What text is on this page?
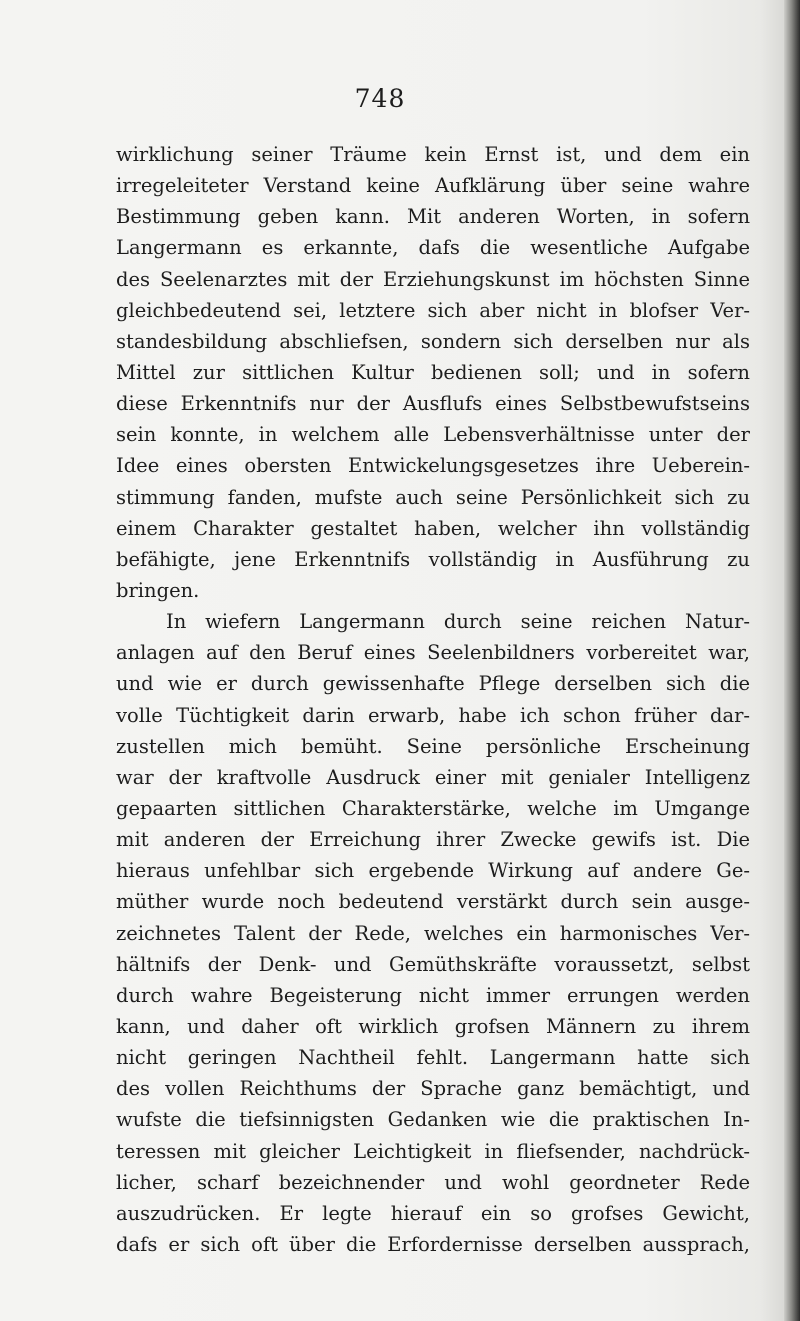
748
wirklichung seiner Träume kein Ernst ist, und dem ein
irregeleiteter Verstand keine Aufklärung über seine wahre
Bestimmung geben kann. Mit anderen Worten, in sofern
Langermann es erkannte, dafs die wesentliche Aufgabe
des Seelenarztes mit der Erziehungskunst im höchsten Sinne
gleichbedeutend sei, letztere sich aber nicht in blofser Ver-
standesbildung abschliefsen, sondern sich derselben nur als
Mittel zur sittlichen Kultur bedienen soll; und in sofern
diese Erkenntnifs nur der Ausflufs eines Selbstbewufstseins
sein konnte, in welchem alle Lebensverhältnisse unter der
Idee eines obersten Entwickelungsgesetzes ihre Ueberein-
stimmung fanden, mufste auch seine Persönlichkeit sich zu
einem Charakter gestaltet haben, welcher ihn vollständig
befähigte, jene Erkenntnifs vollständig in Ausführung zu
bringen.
In wiefern Langermann durch seine reichen Natur-
anlagen auf den Beruf eines Seelenbildners vorbereitet war,
und wie er durch gewissenhafte Pflege derselben sich die
volle Tüchtigkeit darin erwarb, habe ich schon früher dar-
zustellen mich bemüht. Seine persönliche Erscheinung
war der kraftvolle Ausdruck einer mit genialer Intelligenz
gepaarten sittlichen Charakterstärke, welche im Umgange
mit anderen der Erreichung ihrer Zwecke gewifs ist. Die
hieraus unfehlbar sich ergebende Wirkung auf andere Ge-
müther wurde noch bedeutend verstärkt durch sein ausge-
zeichnetes Talent der Rede, welches ein harmonisches Ver-
hältnifs der Denk- und Gemüthskräfte voraussetzt, selbst
durch wahre Begeisterung nicht immer errungen werden
kann, und daher oft wirklich grofsen Männern zu ihrem
nicht geringen Nachtheil fehlt. Langermann hatte sich
des vollen Reichthums der Sprache ganz bemächtigt, und
wufste die tiefsinnigsten Gedanken wie die praktischen In-
teressen mit gleicher Leichtigkeit in fliefsender, nachdrück-
licher, scharf bezeichnender und wohl geordneter Rede
auszudrücken. Er legte hierauf ein so grofses Gewicht,
dafs er sich oft über die Erfordernisse derselben aussprach,
